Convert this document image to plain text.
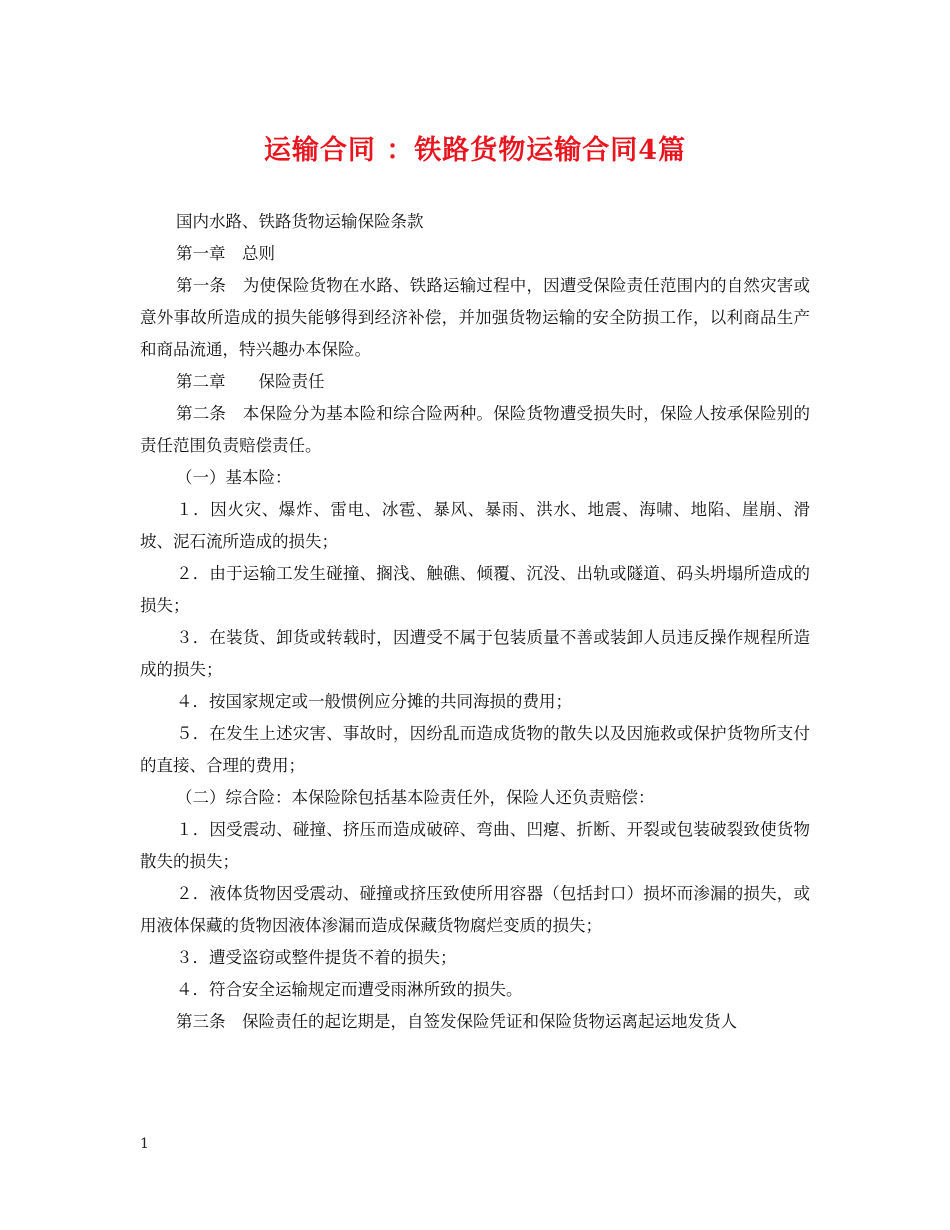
运输合同 ：铁路货物运输合同4篇

国内水路、铁路货物运输保险条款

第一章　总则

第一条　为使保险货物在水路、铁路运输过程中，因遭受保险责任范围内的自然灾害或意外事故所造成的损失能够得到经济补偿，并加强货物运输的安全防损工作，以利商品生产和商品流通，特兴趣办本保险。

第二章　　保险责任

第二条　本保险分为基本险和综合险两种。保险货物遭受损失时，保险人按承保险别的责任范围负责赔偿责任。

（一）基本险：

１．因火灾、爆炸、雷电、冰雹、暴风、暴雨、洪水、地震、海啸、地陷、崖崩、滑坡、泥石流所造成的损失；

２．由于运输工发生碰撞、搁浅、触礁、倾覆、沉没、出轨或隧道、码头坍塌所造成的损失；

３．在装货、卸货或转载时，因遭受不属于包装质量不善或装卸人员违反操作规程所造成的损失；

４．按国家规定或一般惯例应分摊的共同海损的费用；

５．在发生上述灾害、事故时，因纷乱而造成货物的散失以及因施救或保护货物所支付的直接、合理的费用；

（二）综合险：本保险除包括基本险责任外，保险人还负责赔偿：

１．因受震动、碰撞、挤压而造成破碎、弯曲、凹瘪、折断、开裂或包装破裂致使货物散失的损失；

２．液体货物因受震动、碰撞或挤压致使所用容器（包括封口）损坏而渗漏的损失，或用液体保藏的货物因液体渗漏而造成保藏货物腐烂变质的损失；

３．遭受盗窃或整件提货不着的损失；

４．符合安全运输规定而遭受雨淋所致的损失。

第三条　保险责任的起讫期是，自签发保险凭证和保险货物运离起运地发货人

1
